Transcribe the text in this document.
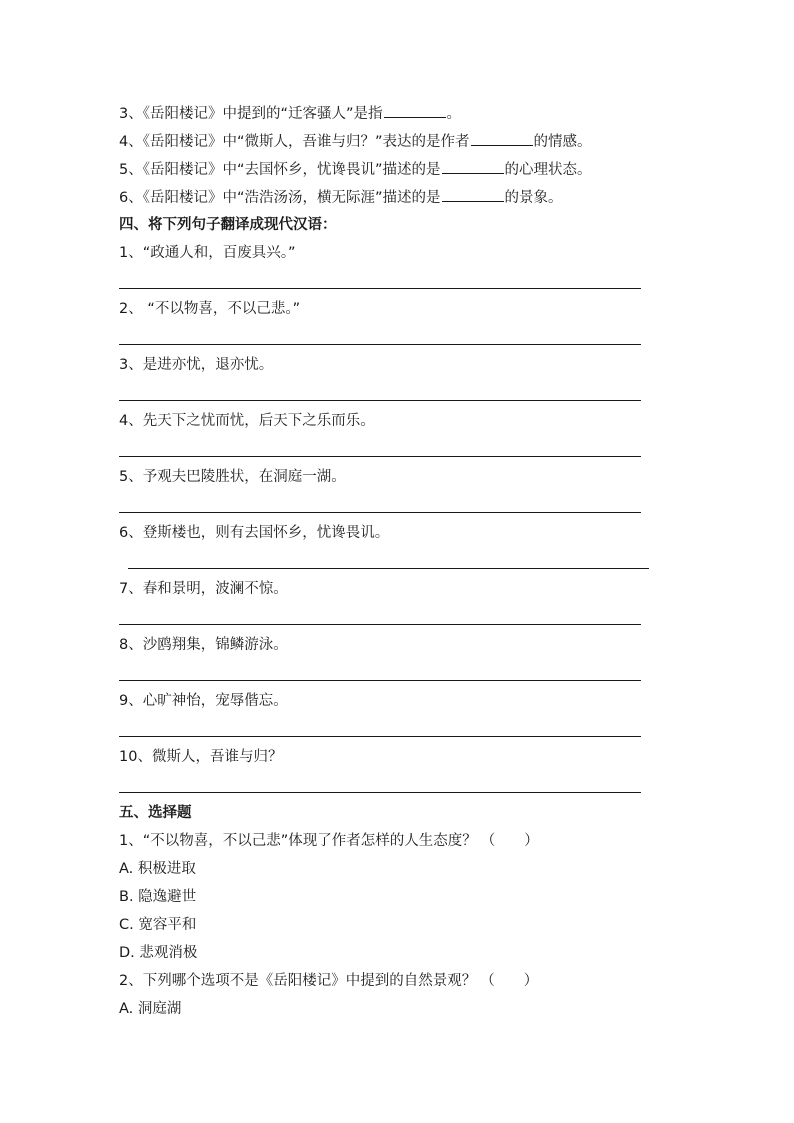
3、《岳阳楼记》中提到的“迁客骚人”是指	。
4、《岳阳楼记》中“微斯人，吾谁与归？”表达的是作者	的情感。
5、《岳阳楼记》中“去国怀乡，忧谗畏讥”描述的是	的心理状态。
6、《岳阳楼记》中“浩浩汤汤，横无际涯”描述的是	的景象。
四、将下列句子翻译成现代汉语：
1、“政通人和，百废具兴。”
2、 “不以物喜，不以己悲。”
3、是进亦忧，退亦忧。
4、先天下之忧而忧，后天下之乐而乐。
5、予观夫巴陵胜状，在洞庭一湖。
6、登斯楼也，则有去国怀乡，忧谗畏讥。
7、春和景明，波澜不惊。
8、沙鸥翔集，锦鳞游泳。
9、心旷神怡，宠辱偕忘。
10、微斯人，吾谁与归？
五、选择题
1、“不以物喜，不以己悲”体现了作者怎样的人生态度？ （　　）
A. 积极进取
B. 隐逸避世
C. 宽容平和
D. 悲观消极
2、下列哪个选项不是《岳阳楼记》中提到的自然景观？ （　　）
A. 洞庭湖
